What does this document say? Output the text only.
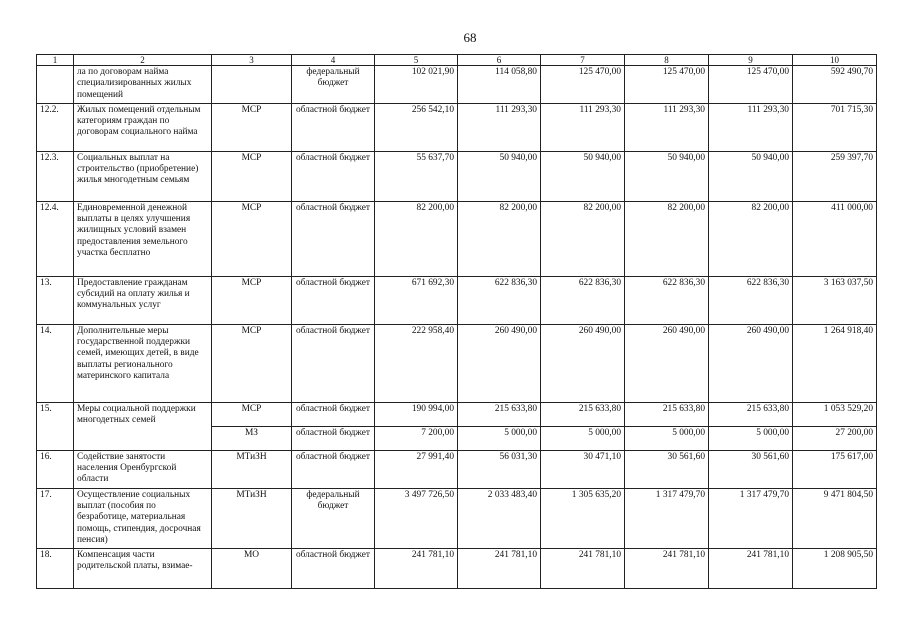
68
1	2	3	4	5	6	7	8	9	10
	ла по договорам найма специализированных жилых помещений		федеральный бюджет	102 021,90	114 058,80	125 470,00	125 470,00	125 470,00	592 490,70
12.2.	Жилых помещений отдельным категориям граждан по договорам социального найма	МСР	областной бюджет	256 542,10	111 293,30	111 293,30	111 293,30	111 293,30	701 715,30
12.3.	Социальных выплат на строительство (приобретение) жилья многодетным семьям	МСР	областной бюджет	55 637,70	50 940,00	50 940,00	50 940,00	50 940,00	259 397,70
12.4.	Единовременной денежной выплаты в целях улучшения жилищных условий взамен предоставления земельного участка бесплатно	МСР	областной бюджет	82 200,00	82 200,00	82 200,00	82 200,00	82 200,00	411 000,00
13.	Предоставление гражданам субсидий на оплату жилья и коммунальных услуг	МСР	областной бюджет	671 692,30	622 836,30	622 836,30	622 836,30	622 836,30	3 163 037,50
14.	Дополнительные меры государственной поддержки семей, имеющих детей, в виде выплаты регионального материнского капитала	МСР	областной бюджет	222 958,40	260 490,00	260 490,00	260 490,00	260 490,00	1 264 918,40
15.	Меры социальной поддержки многодетных семей	МСР	областной бюджет	190 994,00	215 633,80	215 633,80	215 633,80	215 633,80	1 053 529,20
		МЗ	областной бюджет	7 200,00	5 000,00	5 000,00	5 000,00	5 000,00	27 200,00
16.	Содействие занятости населения Оренбургской области	МТиЗН	областной бюджет	27 991,40	56 031,30	30 471,10	30 561,60	30 561,60	175 617,00
17.	Осуществление социальных выплат (пособия по безработице, материальная помощь, стипендия, досрочная пенсия)	МТиЗН	федеральный бюджет	3 497 726,50	2 033 483,40	1 305 635,20	1 317 479,70	1 317 479,70	9 471 804,50
18.	Компенсация части родительской платы, взимае-	МО	областной бюджет	241 781,10	241 781,10	241 781,10	241 781,10	241 781,10	1 208 905,50
